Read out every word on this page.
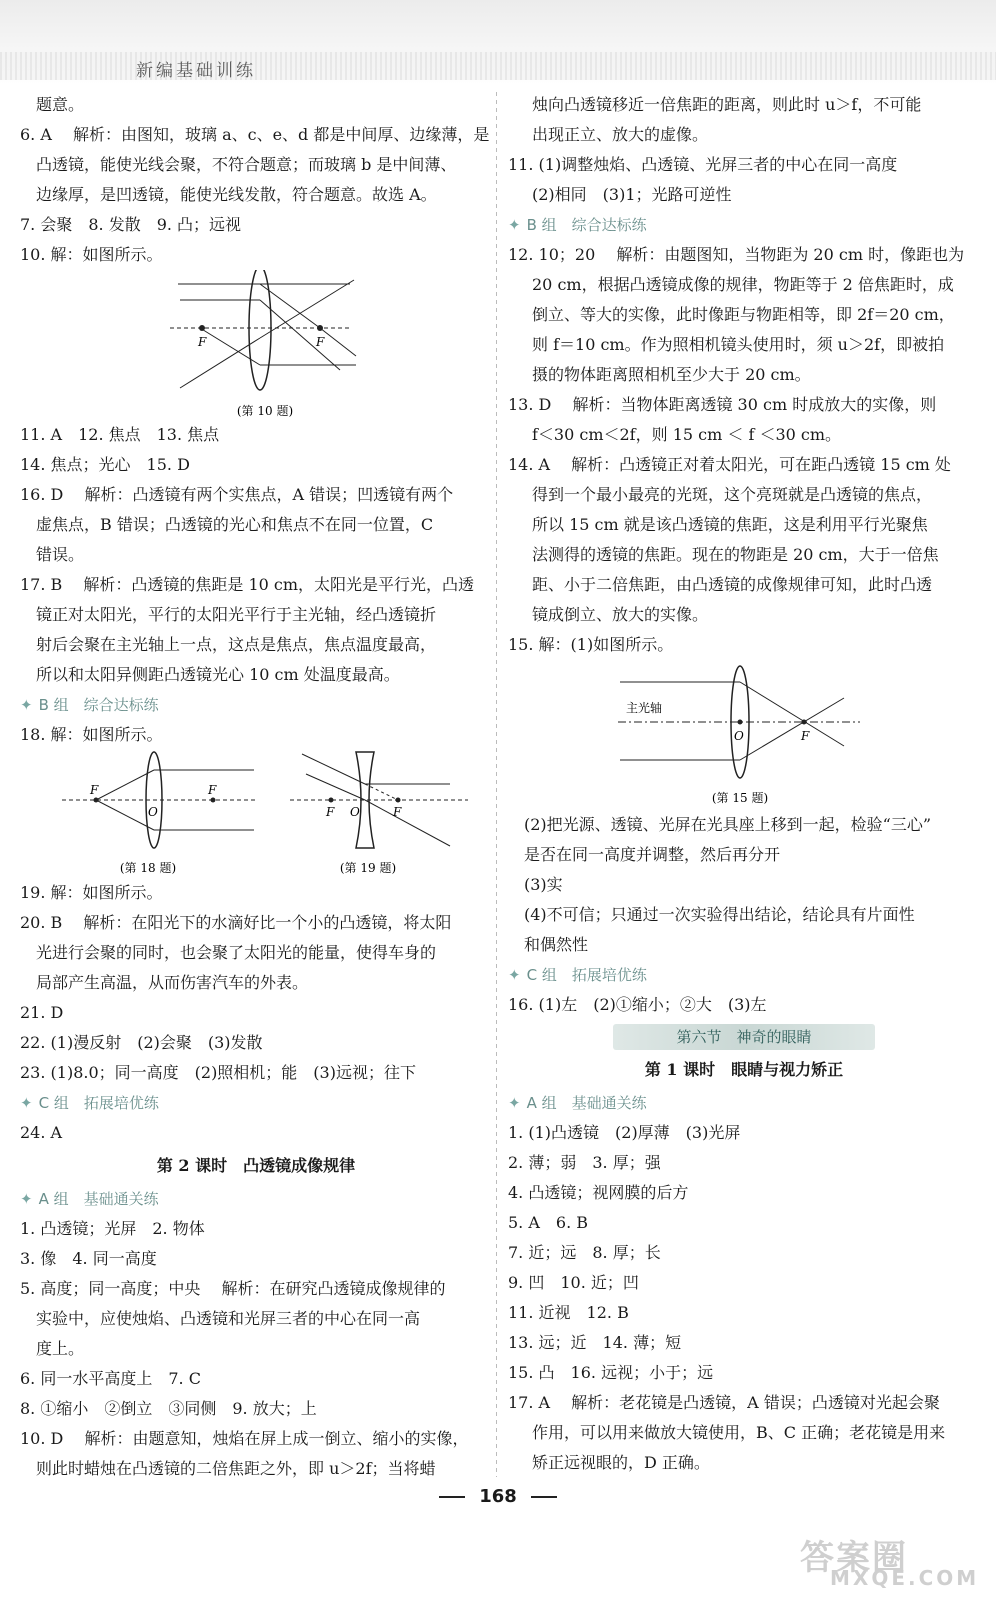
新编基础训练
题意。
6. A　 解析：由图知，玻璃 a、c、e、d 都是中间厚、边缘薄，是
凸透镜，能使光线会聚，不符合题意；而玻璃 b 是中间薄、
边缘厚，是凹透镜，能使光线发散，符合题意。故选 A。
7. 会聚　8. 发散　9. 凸；远视
10. 解：如图所示。
F	F
(第 10 题)
11. A　12. 焦点　13. 焦点
14. 焦点；光心　15. D
16. D　 解析：凸透镜有两个实焦点，A 错误；凹透镜有两个
虚焦点，B 错误；凸透镜的光心和焦点不在同一位置，C
错误。
17. B　 解析：凸透镜的焦距是 10 cm，太阳光是平行光，凸透
镜正对太阳光，平行的太阳光平行于主光轴，经凸透镜折
射后会聚在主光轴上一点，这点是焦点，焦点温度最高，
所以和太阳异侧距凸透镜光心 10 cm 处温度最高。
✦ B 组　综合达标练
18. 解：如图所示。
F
O
F
(第 18 题)
F O	F
(第 19 题)
19. 解：如图所示。
20. B　 解析：在阳光下的水滴好比一个小的凸透镜，将太阳
光进行会聚的同时，也会聚了太阳光的能量，使得车身的
局部产生高温，从而伤害汽车的外表。
21. D
22. (1)漫反射　(2)会聚　(3)发散
23. (1)8.0；同一高度　(2)照相机；能　(3)远视；往下
✦ C 组　拓展培优练
24. A
第 2 课时　凸透镜成像规律
✦ A 组　基础通关练
1. 凸透镜；光屏　2. 物体
3. 像　4. 同一高度
5. 高度；同一高度；中央　 解析：在研究凸透镜成像规律的
实验中，应使烛焰、凸透镜和光屏三者的中心在同一高
度上。
6. 同一水平高度上　7. C
8. ①缩小　②倒立　③同侧　9. 放大；上
10. D　 解析：由题意知，烛焰在屏上成一倒立、缩小的实像，
则此时蜡烛在凸透镜的二倍焦距之外，即 u＞2f；当将蜡
烛向凸透镜移近一倍焦距的距离，则此时 u＞f，不可能
出现正立、放大的虚像。
11. (1)调整烛焰、凸透镜、光屏三者的中心在同一高度
(2)相同　(3)1；光路可逆性
✦ B 组　综合达标练
12. 10；20　 解析：由题图知，当物距为 20 cm 时，像距也为
20 cm，根据凸透镜成像的规律，物距等于 2 倍焦距时，成
倒立、等大的实像，此时像距与物距相等，即 2f＝20 cm，
则 f＝10 cm。作为照相机镜头使用时，须 u＞2f，即被拍
摄的物体距离照相机至少大于 20 cm。
13. D　 解析：当物体距离透镜 30 cm 时成放大的实像，则
f＜30 cm＜2f，则 15 cm ＜ f ＜30 cm。
14. A　 解析：凸透镜正对着太阳光，可在距凸透镜 15 cm 处
得到一个最小最亮的光斑，这个亮斑就是凸透镜的焦点，
所以 15 cm 就是该凸透镜的焦距，这是利用平行光聚焦
法测得的透镜的焦距。现在的物距是 20 cm，大于一倍焦
距、小于二倍焦距，由凸透镜的成像规律可知，此时凸透
镜成倒立、放大的实像。
15. 解：(1)如图所示。
主光轴
O	F
(第 15 题)
(2)把光源、透镜、光屏在光具座上移到一起，检验“三心”
是否在同一高度并调整，然后再分开
(3)实
(4)不可信；只通过一次实验得出结论，结论具有片面性
和偶然性
✦ C 组　拓展培优练
16. (1)左　(2)①缩小；②大　(3)左
第六节　神奇的眼睛
第 1 课时　眼睛与视力矫正
✦ A 组　基础通关练
1. (1)凸透镜　(2)厚薄　(3)光屏
2. 薄；弱　3. 厚；强
4. 凸透镜；视网膜的后方
5. A　6. B
7. 近；远　8. 厚；长
9. 凹　10. 近；凹
11. 近视　12. B
13. 远；近　14. 薄；短
15. 凸　16. 远视；小于；远
17. A　 解析：老花镜是凸透镜，A 错误；凸透镜对光起会聚
作用，可以用来做放大镜使用，B、C 正确；老花镜是用来
矫正远视眼的，D 正确。
168
答案圈
MXQE.COM
